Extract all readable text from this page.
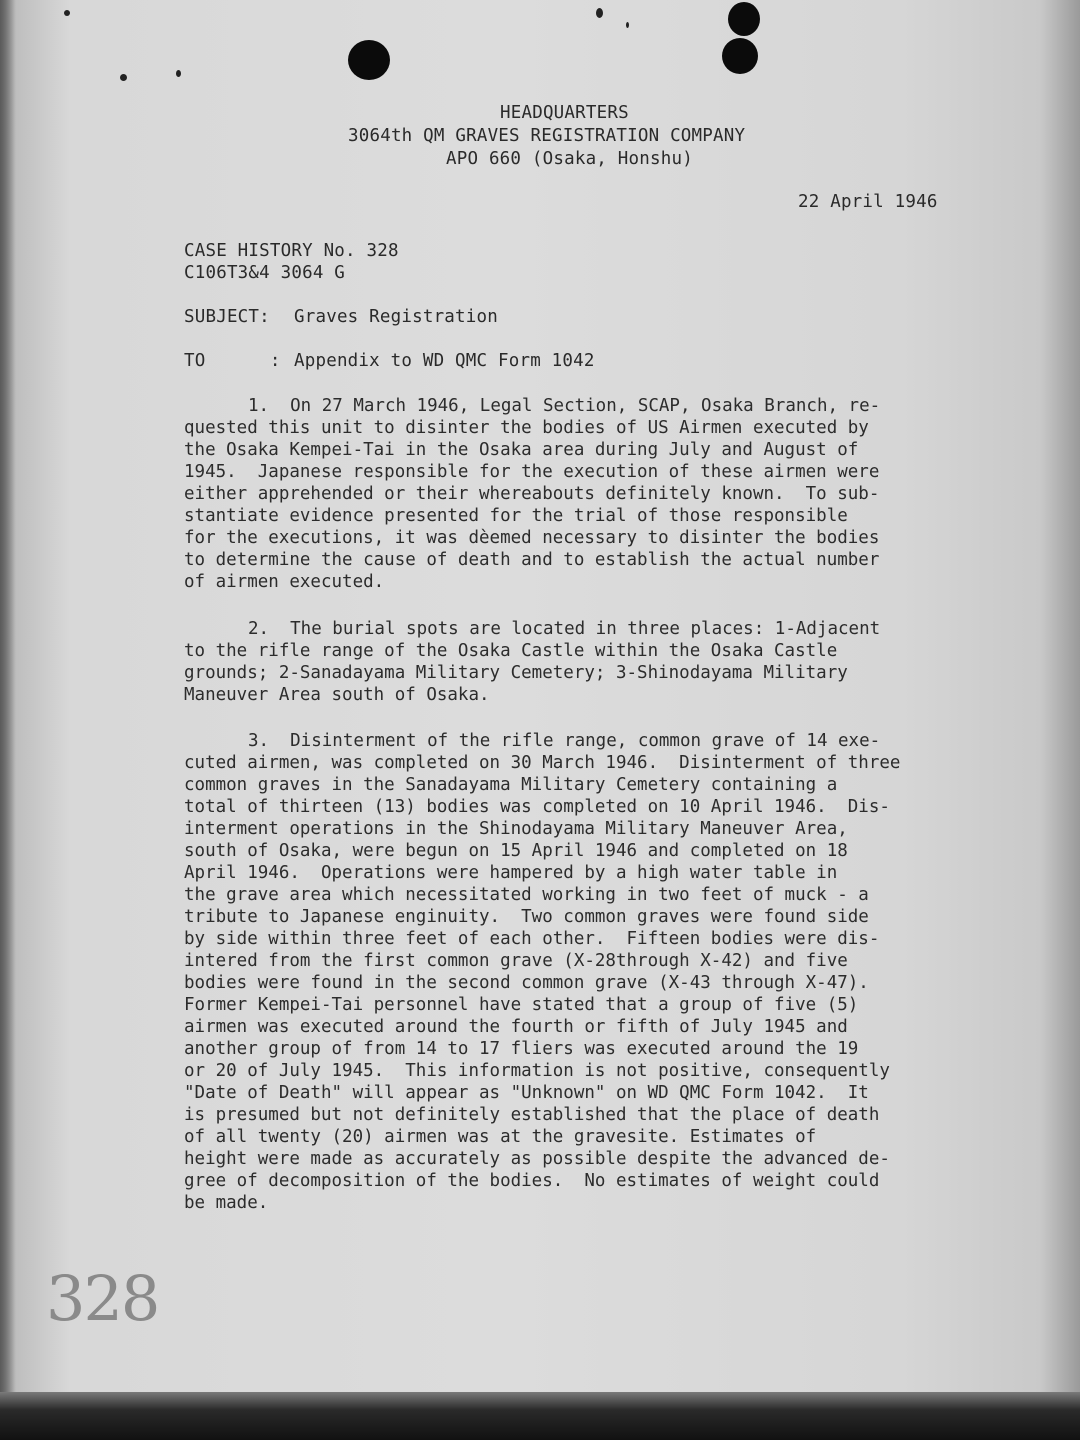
HEADQUARTERS
3064th QM GRAVES REGISTRATION COMPANY
APO 660 (Osaka, Honshu)
22 April 1946
CASE HISTORY No. 328
C106T3&4 3064 G
SUBJECT: Graves Registration
TO      : Appendix to WD QMC Form 1042
1.  On 27 March 1946, Legal Section, SCAP, Osaka Branch, re-
quested this unit to disinter the bodies of US Airmen executed by
the Osaka Kempei-Tai in the Osaka area during July and August of
1945.  Japanese responsible for the execution of these airmen were
either apprehended or their whereabouts definitely known.  To sub-
stantiate evidence presented for the trial of those responsible
for the executions, it was dèemed necessary to disinter the bodies
to determine the cause of death and to establish the actual number
of airmen executed.
2.  The burial spots are located in three places: 1-Adjacent
to the rifle range of the Osaka Castle within the Osaka Castle
grounds; 2-Sanadayama Military Cemetery; 3-Shinodayama Military
Maneuver Area south of Osaka.
3.  Disinterment of the rifle range, common grave of 14 exe-
cuted airmen, was completed on 30 March 1946.  Disinterment of three
common graves in the Sanadayama Military Cemetery containing a
total of thirteen (13) bodies was completed on 10 April 1946.  Dis-
interment operations in the Shinodayama Military Maneuver Area,
south of Osaka, were begun on 15 April 1946 and completed on 18
April 1946.  Operations were hampered by a high water table in
the grave area which necessitated working in two feet of muck - a
tribute to Japanese enginuity.  Two common graves were found side
by side within three feet of each other.  Fifteen bodies were dis-
intered from the first common grave (X-28through X-42) and five
bodies were found in the second common grave (X-43 through X-47).
Former Kempei-Tai personnel have stated that a group of five (5)
airmen was executed around the fourth or fifth of July 1945 and
another group of from 14 to 17 fliers was executed around the 19
or 20 of July 1945.  This information is not positive, consequently
"Date of Death" will appear as "Unknown" on WD QMC Form 1042.  It
is presumed but not definitely established that the place of death
of all twenty (20) airmen was at the gravesite. Estimates of
height were made as accurately as possible despite the advanced de-
gree of decomposition of the bodies.  No estimates of weight could
be made.
328
